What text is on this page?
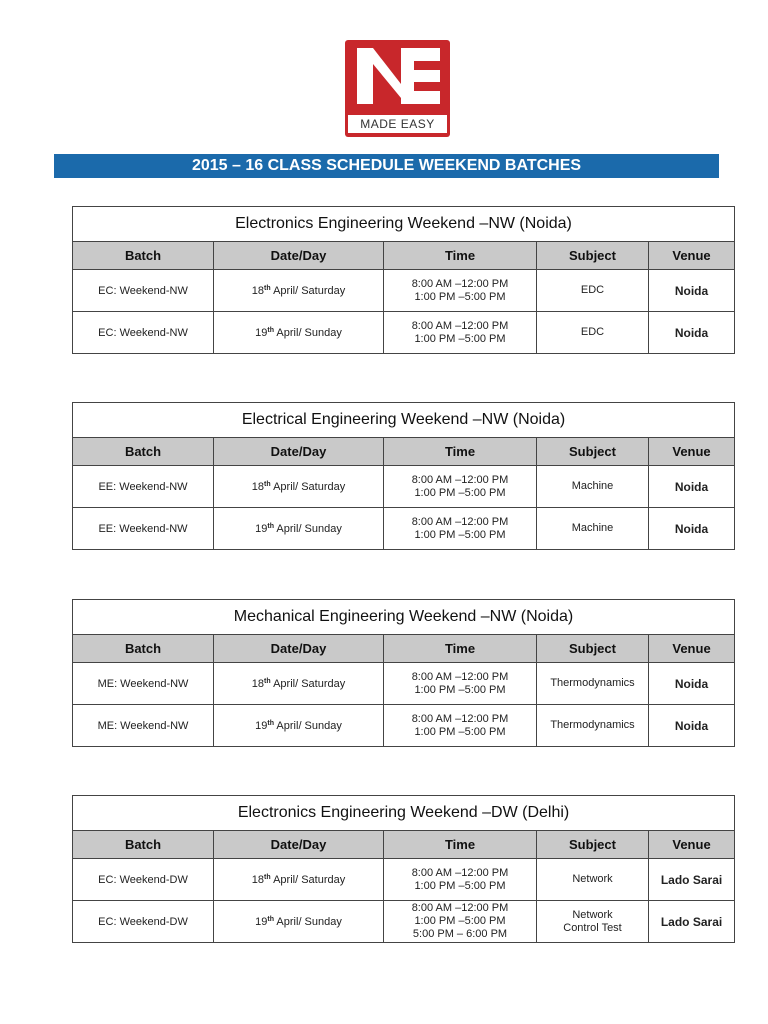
MADE EASY
2015 – 16 CLASS SCHEDULE WEEKEND BATCHES
Electronics Engineering Weekend –NW (Noida)				
Batch	Date/Day	Time	Subject	Venue
EC: Weekend-NW	18th April/ Saturday	8:00 AM –12:00 PM
1:00 PM –5:00 PM	EDC	Noida
EC: Weekend-NW	19th April/ Sunday	8:00 AM –12:00 PM
1:00 PM –5:00 PM	EDC	Noida
Electrical Engineering Weekend –NW (Noida)				
Batch	Date/Day	Time	Subject	Venue
EE: Weekend-NW	18th April/ Saturday	8:00 AM –12:00 PM
1:00 PM –5:00 PM	Machine	Noida
EE: Weekend-NW	19th April/ Sunday	8:00 AM –12:00 PM
1:00 PM –5:00 PM	Machine	Noida
Mechanical Engineering Weekend –NW (Noida)				
Batch	Date/Day	Time	Subject	Venue
ME: Weekend-NW	18th April/ Saturday	8:00 AM –12:00 PM
1:00 PM –5:00 PM	Thermodynamics	Noida
ME: Weekend-NW	19th April/ Sunday	8:00 AM –12:00 PM
1:00 PM –5:00 PM	Thermodynamics	Noida
Electronics Engineering Weekend –DW (Delhi)				
Batch	Date/Day	Time	Subject	Venue
EC: Weekend-DW	18th April/ Saturday	8:00 AM –12:00 PM
1:00 PM –5:00 PM	Network	Lado Sarai
EC: Weekend-DW	19th April/ Sunday	8:00 AM –12:00 PM
1:00 PM –5:00 PM
5:00 PM – 6:00 PM	Network
Control Test	Lado Sarai
